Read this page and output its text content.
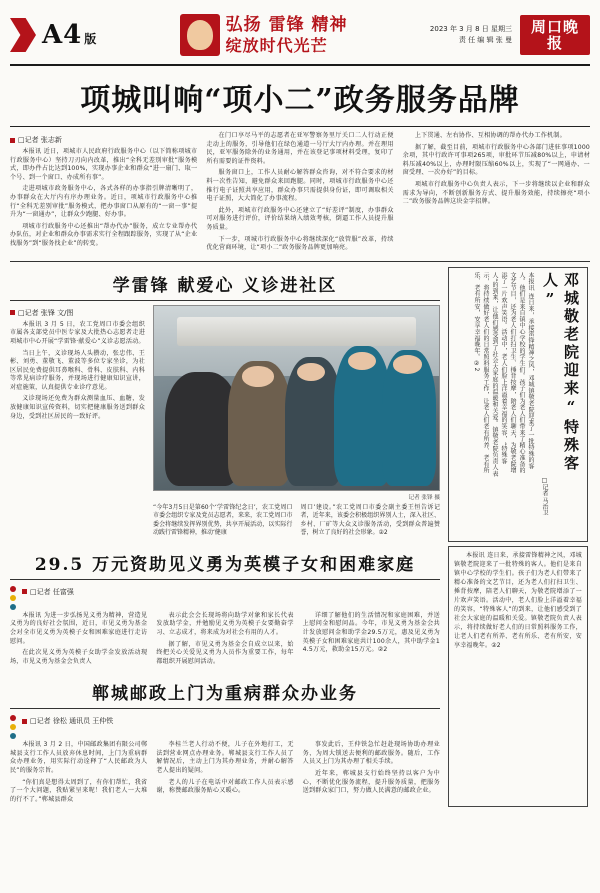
A4 版
弘扬 雷锋 精神
绽放时代光芒
2023 年 3 月 8 日 星期三
责 任 编 辑 张 曼
周口晚报
项城叫响“项小二”政务服务品牌
□记者 张志新

本报讯 近日，项城市人民政府行政服务中心（以下简称项城市行政服务中心）坚持刀刃向内改革，推出“全科无差别审批”服务模式，即办件占比达到100%，实现办事企业和群众“进一扇门、取一个号、到一个窗口、办成所有事”。

走进项城市政务服务中心，各式各样的办事指引牌清晰明了，办事群众在大厅内有序办理业务。近日，项城市行政服务中心推行“全科无差别审批”服务模式，把办事窗口从原有的“一窗一事”提升为“一窗通办”，让群众少跑腿、好办事。

项城市行政服务中心还推出“帮办代办”服务，成立专业帮办代办队伍，对企业和群众办事需求实行全程跟踪服务，实现了从“企业找服务”到“服务找企业”的转变。

在门口享尽马平的志愿者在亚军警察务里厅关口二人行动正便走动上的服务，引导他们在绿色通道一号厅大厅内办理。并在理用民，亚军服务除外的业务通用，并在该登记事项材料受理，复印了所有需要的证件资料。

服务窗口上，工作人员耐心解答群众咨询，对不符合要求的材料一次性告知，避免群众来回跑腿。同时，项城市行政服务中心还推行电子证照共享应用，群众办事只需提供身份证，即可调取相关电子证照，大大简化了办事流程。

此外，项城市行政服务中心还建立了“好差评”制度，办事群众可对服务进行评价，评价结果纳入绩效考核，倒逼工作人员提升服务质量。

下一步，项城市行政服务中心将继续深化“放管服”改革，持续优化营商环境，让“项小二”政务服务品牌更加响亮。

上下贯通、左右协作、互相协调的帮办代办工作机制。

据了解，截至目前，项城市行政服务中心各部门进驻事项1000余项，其中行政许可事项265项，审批环节压减80%以上，申请材料压减40%以上，办理时限压缩60%以上，实现了“一网通办、一窗受理、一次办好”的目标。

项城市行政服务中心负责人表示，下一步将继续以企业和群众需求为导向，不断创新服务方式、提升服务效能，持续擦亮“项小二”政务服务品牌这块金字招牌。

学雷锋 献爱心 义诊进社区
□记者 张锋 文/图

本报讯 3 月 5 日，农工党周口市委会组织市属各支部党员中医专家及大批热心志愿者走进项城市中心开展“学雷锋·献爱心”义诊志愿活动。

当日上午，义诊现场人头攒动，张忠伟、王彬、刘勇、董敬飞、董波等多位专家坐诊，为社区居民免费提供耳鼻喉科、骨科、皮肤科、内科等常见病诊疗服务，并现场进行健康知识宣讲，对症施策，认真提供专业诊疗意见。

义诊现场还免费为群众测量血压、血糖，发放健康知识宣传资料，切实把健康服务送到群众身边，受到社区居民的一致好评。

记者 张锋 摄
“今年3月5日是第60个‘学雷锋纪念日’，农工党周口市委会组织专家及党员志愿者，来来，农工党周口市委会将继续发挥界别优势，共享开展活动，以实际行动践行雷锋精神，推动‘健康
周口’建设。”农工党周口市委会副主委王恒告诉记者，近年来，该委会积极组织界别人士，深入社区、乡村、厂矿等大众义诊服务活动，受到群众普遍赞誉，树立了良好的社会形象。②2
邓城敬老院迎来“特殊客人”
□记者 马治卫
本报讯 连日来，承接雷锋精神之风，邓城镇敬老院迎来了一批特殊的客人。他们是来自镇中心学校的学生们。孩子们为老人们带来了精心准备的文艺节目，还为老人们打扫卫生、捶背按摩，陪老人们聊天，为敬老院增添了一片欢声笑语。活动中，老人们脸上洋溢着幸福的笑容，“特殊客人”的到来，让他们感受到了社会大家庭的温暖和关爱。镇敬老院负责人表示，将持续做好老人们的日常照料服务工作，让老人们老有所养、老有所乐、老有所安，安享幸福晚年。②2
29.5 万元资助见义勇为英模子女和困难家庭
□记者 任富强

本报讯 为进一步弘扬见义勇为精神，营造见义勇为的良好社会氛围，近日，市见义勇为基金会对全市见义勇为英模子女和困难家庭进行走访慰问。

在此次见义勇为英模子女助学金发放活动现场，市见义勇为基金会负责人

表示此会会长现场将向助学对象和家长代表发放助学金，并勉励见义勇为英模子女要勤奋学习、立志成才，将来成为对社会有用的人才。

据了解，市见义勇为基金会自成立以来，始终把关心关爱见义勇为人员作为重要工作，每年都组织开展慰问活动。

详细了解他们的生活情况和家庭困难，并送上慰问金和慰问品。今年，市见义勇为基金会共计发放慰问金和助学金29.5万元，惠及见义勇为英模子女和困难家庭共计100余人，其中助学金14.5万元，救助金15万元。②2

郸城邮政上门为重病群众办业务
□记者 徐松 通讯员 王仲铁

本报讯 3 月 2 日，中国邮政集团有限公司郸城县支行工作人员放弃休息时间，上门为重病群众办理业务，用实际行动诠释了“人民邮政为人民”的服务宗旨。

“你们真是想得太周到了，有你们帮忙，我省了一个大问题，我贴紧呈来呢！我们老人一大堆的行不了。”郸城县群众

李桂兰老人行动不便，儿子在外地打工，无法到营业网点办理业务。郸城县支行工作人员了解情况后，主动上门为其办理业务，并耐心解答老人提出的疑问。

老人的儿子在电话中对邮政工作人员表示感谢，称赞邮政服务贴心又暖心。

事发此后，王仲铁急忙赶赴现场协助办理业务，为周大锁送去便利的邮政服务。随后，工作人员又上门为其办理了相关手续。

近年来，郸城县支行始终坚持以客户为中心，不断优化服务流程，提升服务质量，把服务送到群众家门口，努力做人民满意的邮政企业。

本报讯 连日来，承接雷锋精神之风，邓城镇敬老院迎来了一批特殊的客人。他们是来自镇中心学校的学生们。孩子们为老人们带来了精心准备的文艺节目，还为老人们打扫卫生、捶背按摩，陪老人们聊天，为敬老院增添了一片欢声笑语。活动中，老人们脸上洋溢着幸福的笑容，“特殊客人”的到来，让他们感受到了社会大家庭的温暖和关爱。镇敬老院负责人表示，将持续做好老人们的日常照料服务工作，让老人们老有所养、老有所乐、老有所安，安享幸福晚年。②2
